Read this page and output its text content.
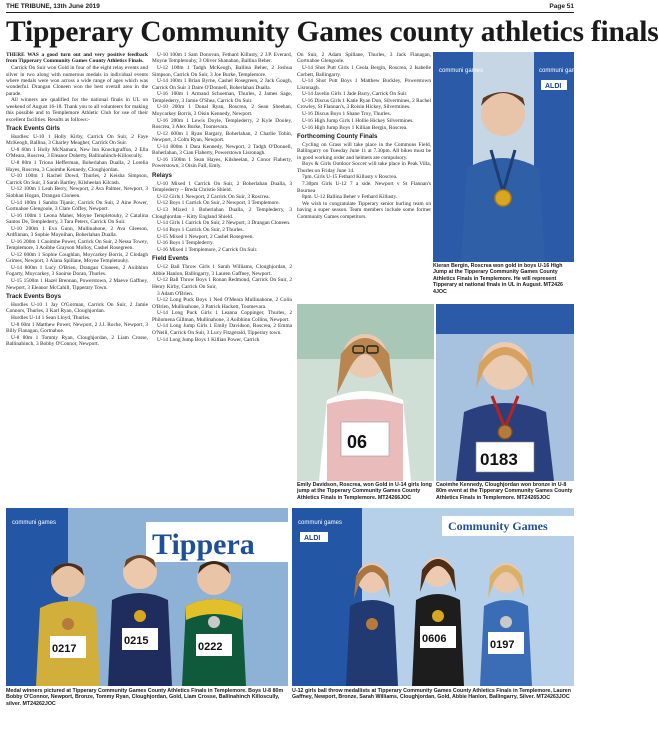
THE TRIBUNE, 13th June 2019	Page 51
Tipperary Community Games county athletics finals

THERE WAS a good turn out and very positive feedback from Tipperary Community Games County Athletics Finals.

Carrick On Suir won Gold in four of the eight relay events and silver in two along with numerous medals in individual events where medals were won across a wide range of ages which was wonderful. Drangan Cloneen won the best overall area in the parade.

All winners are qualified for the national finals in UL on weekend of August 16-18. Thank you to all volunteers for making this possible and to Templemore Athletic Club for use of their excellent facilities. Results as follows:-

Track Events Girls

Hurdles: U-10 1 Holly Kirby, Carrick On Suir, 2 Faye McKeogh, Ballina, 3 Charley Meagher, Carrick On Suir.

U-8 60m 1 Holly McNamara, New Inn Knockgraffon, 2 Ella O'Meara, Roscrea, 3 Eleanor Doherty, Ballinahinch-Killoscully.

U-8 80m 1 Triona Hefferman, Boherlahan Dualla, 2 Lorelia Hayes, Roscrea, 3 Caoimhe Kennedy, Cloughjordan.

U-10 100m 1 Rachel Dowd, Thurles, 2 Keisha Simpson, Carrick On Suir, 3 Sarah Bartley, Kilsheelan Kilcash.

U-12 100m 1 Leah Berry, Newport, 2 Ava Palmer, Newport, 3 Siobhan Hogan, Drangan Cloneen.

U-14 100m 1 Sandra Tijanic, Carrick On Suir, 2 Aine Power, Gortnahoe Glengoole, 3 Clare Coffey, Newport.

U-16 100m 1 Leona Maher, Moyne Templetouhy, 2 Catalina Santos De, Templederry, 3 Tara Peters, Carrick On Suir.

U-10 200m 1 Eva Gunn, Mullinahone, 2 Ava Gleeson, Ardfinnan, 3 Sophie Moynihan, Boherlahan Dualla.

U-16 200m 1 Caoimhe Power, Carrick On Suir, 2 Nessa Towey, Templemore, 3 Aoibhe Grayson Molloy, Cashel Rosegreen.

U-12 600m 1 Sophie Coughlan, Moycarkey Borris, 2 Clodagh Grimes, Newport, 3 Alana Spillane, Moyne Templetouhy.

U-14 800m 1 Lucy O'Brien, Drangan Cloneen, 2 Aoibhinn Fogarty, Moycarkey, 3 Saoirse Doran, Thurles.

U-15 1500m 1 Hazel Brennan, Powerstown, 2 Maeve Gaffney, Newport, 3 Eleanor McCahill, Tipperary Town.

Track Events Boys

Hurdles U-10 1 Jay O'Gorman, Carrick On Suir, 2 Jamie Connors, Thurles, 3 Karl Ryan, Cloughjordan.

Hurdles U-14 1 Sean Lloyd, Thurles.

U-8 60m 1 Matthew Power, Newport, 2 J.J. Roche, Newport, 3 Billy Flanagan, Gortnahoe.

U-8 80m 1 Tommy Ryan, Cloughjordan, 2 Liam Crosse, Ballinahinch, 3 Bobby O'Connor, Newport.

U-10 100m 1 Sam Donovan, Fethard Killusty, 2 J.P. Everard, Moyne Templetouhy, 3 Oliver Shanahan, Ballina Beher.

U-12 100m 1 Tadgh McKeogh, Ballina Beher, 2 Joshua Simpson, Carrick On Suir, 3 Joe Burke, Templemore.

U-14 100m 1 Brian Byrne, Cashel Rosegreen, 2 Jack Gough, Carrick On Suir 3 Daire O'Donnell, Boherlahan Dualla.

U-16 100m 1 Armand Schoeman, Thurles, 2 James Sage, Templederry, 3 Jamie O'Shea, Carrick On Suir.

U-10 200m 1 Donal Ryan, Roscrea, 2 Sean Sheehan, Moycarkey Borris, 3 Oisin Kennedy, Newport.

U-16 200m 1 Lewis Doyle, Templederry, 2 Kyle Dooley, Roscrea, 3 Alex Burke, Toomevara.

U-12 600m 1 Ryan Bargary, Boherlahan, 2 Charlie Tobin, Newport, 3 Colm Ryan, Newport.

U-14 800m 1 Dara Kennedy, Newport, 2 Tadgh O'Donnell, Boherlahan, 3 Cian Flaherty, Powerstown Lisronagh.

U-16 1500m 1 Sean Hayes, Kilsheelan, 2 Conor Flaherty, Powerstown, 3 Oisin Fall, Emly.

Relays

U-10 Mixed 1 Carrick On Suir, 2 Boherlahan Dualla, 3 Templederry – Breda Christie Shield.

U-12 Girls 1 Newport, 2 Carrick On Suir, 3 Roscrea.

U-12 Boys 1 Carrick On Suir, 2 Newport, 3 Templemore.

U-13 Mixed 1 Boherlahan Dualla, 2 Templederry, 3 Cloughjordan – Kitty England Shield.

U-14 Girls 1 Carrick On Suir, 2 Newport, 3 Drangan Cloneen.

U-14 Boys 1 Carrick On Suir, 2 Thurles.

U-15 Mixed 1 Newport, 2 Cashel Rosegreen.

U-16 Boys 1 Templederry.

U-16 Mixed 1 Templemore, 2 Carrick On Suir.

Field Events

U-12 Ball Throw Girls 1 Sarah Williams, Cloughjordan, 2 Abbie Hanlon, Ballingarry, 3 Lauren Gaffney, Newport.

U-12 Ball Throw Boys 1 Ronan Redmond, Carrick On Suir, 2 Henry Kirby, Carrick On Suir,

3 Adam O'Brien.

U-12 Long Puck Boys 1 Ned O'Meara Mullinahone, 2 Colin O'Brien, Mullinahone, 3 Patrick Hackett, Toomevara.

U-14 Long Puck Girls 1 Leanna Coppinger, Thurles, 2 Philomena Gillman, Mullinahone, 3 Aoibhinn Collins, Newport.

U-14 Long Jump Girls 1 Emily Davidson, Roscrea, 2 Emma O'Neill, Carrick On Suir, 3 Lucy Fitzgerald, Tipperary town.

U-14 Long Jump Boys 1 Killian Power, Carrick

On Suir, 2 Adam Spillane, Thurles, 3 Jack Flanagan, Gortnahoe Glengoole.

U-14 Shot Putt Girls 1 Ceola Bergin, Roscrea, 2 Isabelle Corbett, Ballingarry.

U-14 Shot Putt Boys 1 Matthew Buckley, Powerstown Lisronagh.

U-14 Javelin Girls 1 Jade Barry, Carrick On Suir.

U-16 Discus Girls 1 Katie Ryan Don, Silvermines, 2 Rachel Crowley, St Flannan's, 3 Roisin Hickey, Silvermines.

U-16 Discus Boys 1 Shane Troy, Thurles.

U-16 High Jump Girls 1 Hollie Hickey Silvermines.

U-16 High Jump Boys 1 Killian Bergin, Roscrea.

Forthcoming County Finals

Cycling on Grass will take place in the Commons Field, Ballingarry on Tuesday June 11 at 7.30pm. All bikes must be in good working order and helmets are compulsory.

Boys & Girls Outdoor Soccer will take place in Peak Villa, Thurles on Friday June 14.

7pm. Girls U-15 Fethard Killusty v Roscrea.

7.30pm Girls U-12 7 a side. Newport v St Flannan's Bournea

8pm. U-12 Ballina Beher v Fethard Killusty.

We wish to congratulate Tipperary senior hurling team on having a super season. Team members include some former Community Games competitors.

communi games	communi games
ALDI
Kieran Bergin, Roscrea won gold in boys U-16 High Jump at the Tipperary Community Games County Athletics Finals in Templemore. He will represent Tipperary at national finals in UL in August. MT2426 4JOC
06
Emily Davidson, Roscrea, won Gold in U-14 girls long jump at the Tipperary Community Games County Athletics Finals in Templemore. MT24266JOC
0183
Caoimhe Kennedy, Cloughjordan won bronze in U-8 80m event at the Tipperary Community Games County Athletics Finals in Templemore. MT24265JOC
Tippera
communi games
0217
0215	0222
Medal winners pictured at Tipperary Community Games County Athletics Finals in Templemore. Boys U-8 80m Bobby O'Connor, Newport, Bronze, Tommy Ryan, Cloughjordan, Gold, Liam Crosse, Ballinahinch Killoscully, silver. MT24262JOC
Community Games
communi games
ALDI
0606	0197
U-12 girls ball throw medallists at Tipperary Community Games County Athletics Finals in Templemore, Lauren Gaffney, Newport, Bronze, Sarah Williams, Cloughjordan, Gold, Abbie Hanlon, Ballingarry, Silver. MT24263JOC
